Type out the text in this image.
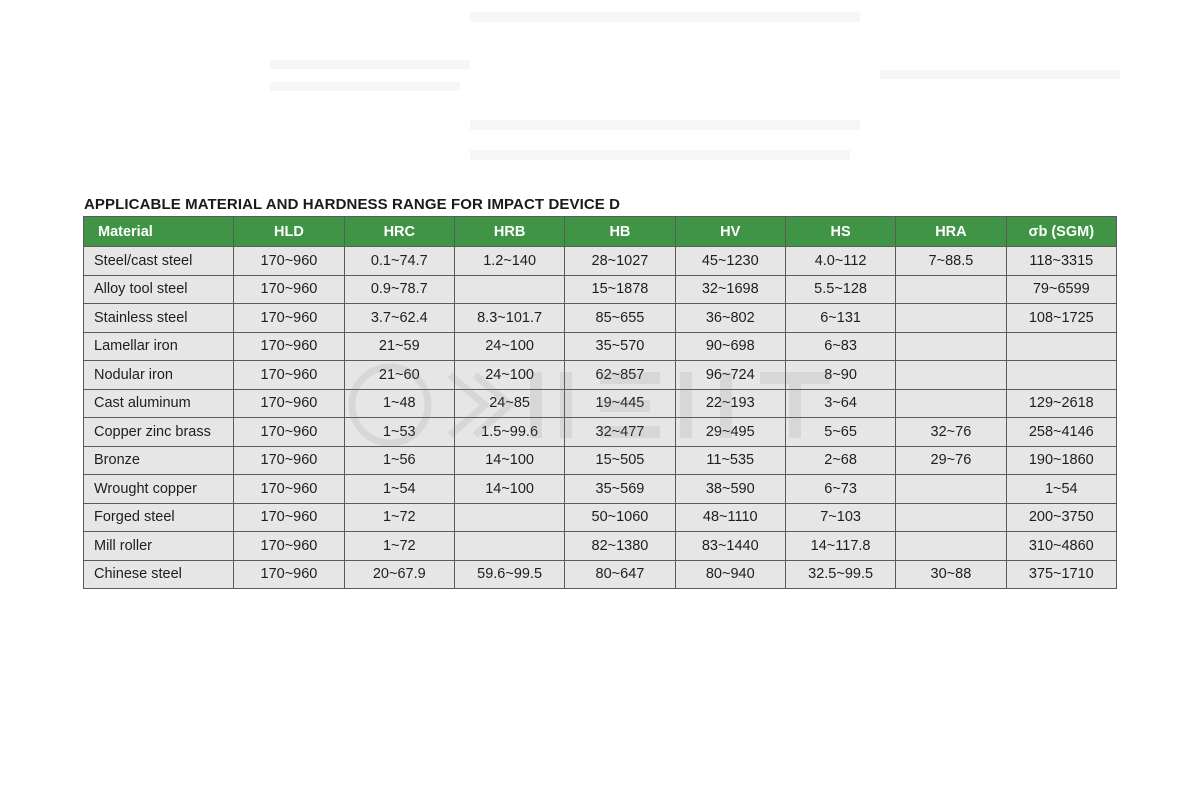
APPLICABLE MATERIAL AND HARDNESS RANGE FOR IMPACT DEVICE D
Material	HLD	HRC	HRB	HB	HV	HS	HRA	σb (SGM)
Steel/cast steel	170~960	0.1~74.7	1.2~140	28~1027	45~1230	4.0~112	7~88.5	118~3315
Alloy tool steel	170~960	0.9~78.7		15~1878	32~1698	5.5~128		79~6599
Stainless steel	170~960	3.7~62.4	8.3~101.7	85~655	36~802	6~131		108~1725
Lamellar iron	170~960	21~59	24~100	35~570	90~698	6~83		
Nodular iron	170~960	21~60	24~100	62~857	96~724	8~90		
Cast aluminum	170~960	1~48	24~85	19~445	22~193	3~64		129~2618
Copper zinc brass	170~960	1~53	1.5~99.6	32~477	29~495	5~65	32~76	258~4146
Bronze	170~960	1~56	14~100	15~505	11~535	2~68	29~76	190~1860
Wrought copper	170~960	1~54	14~100	35~569	38~590	6~73		1~54
Forged steel	170~960	1~72		50~1060	48~1110	7~103		200~3750
Mill roller	170~960	1~72		82~1380	83~1440	14~117.8		310~4860
Chinese steel	170~960	20~67.9	59.6~99.5	80~647	80~940	32.5~99.5	30~88	375~1710
